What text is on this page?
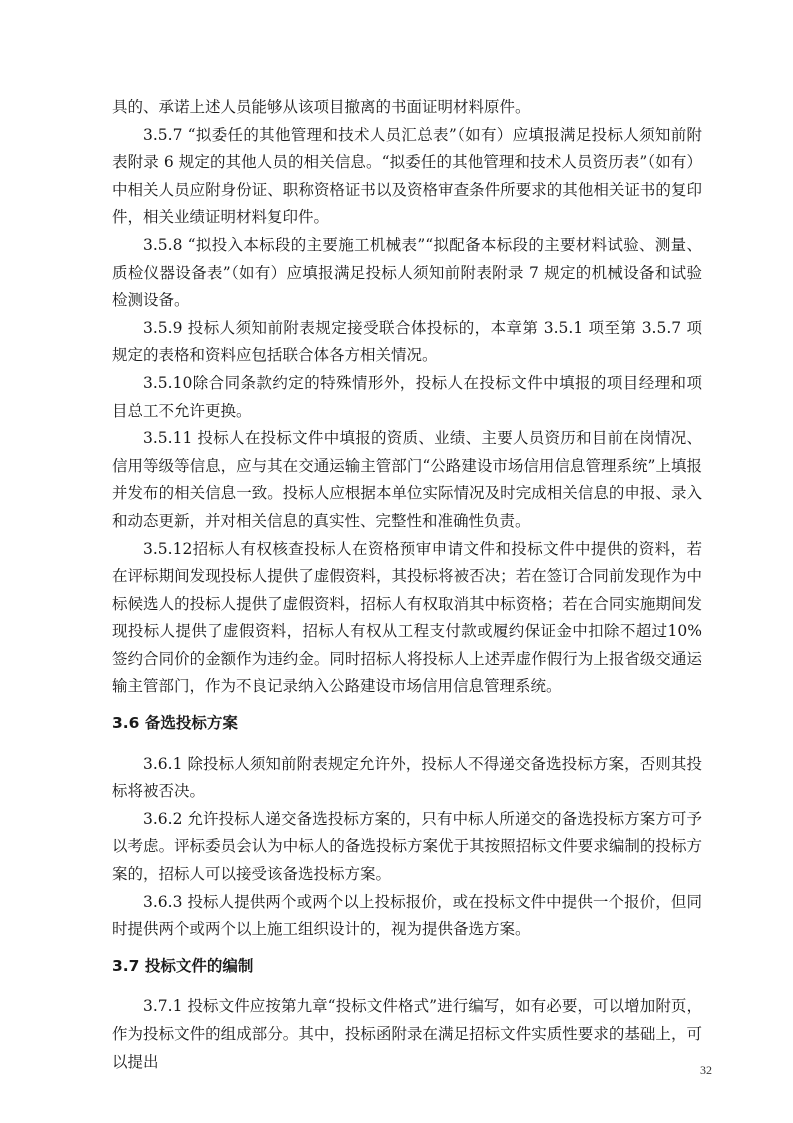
具的、承诺上述人员能够从该项目撤离的书面证明材料原件。

3.5.7 “拟委任的其他管理和技术人员汇总表”（如有）应填报满足投标人须知前附表附录 6 规定的其他人员的相关信息。“拟委任的其他管理和技术人员资历表”（如有）中相关人员应附身份证、职称资格证书以及资格审查条件所要求的其他相关证书的复印件，相关业绩证明材料复印件。

3.5.8 “拟投入本标段的主要施工机械表”“拟配备本标段的主要材料试验、测量、质检仪器设备表”（如有）应填报满足投标人须知前附表附录 7 规定的机械设备和试验检测设备。

3.5.9 投标人须知前附表规定接受联合体投标的，本章第 3.5.1 项至第 3.5.7 项规定的表格和资料应包括联合体各方相关情况。

3.5.10除合同条款约定的特殊情形外，投标人在投标文件中填报的项目经理和项目总工不允许更换。

3.5.11 投标人在投标文件中填报的资质、业绩、主要人员资历和目前在岗情况、信用等级等信息，应与其在交通运输主管部门“公路建设市场信用信息管理系统”上填报并发布的相关信息一致。投标人应根据本单位实际情况及时完成相关信息的申报、录入和动态更新，并对相关信息的真实性、完整性和准确性负责。

3.5.12招标人有权核查投标人在资格预审申请文件和投标文件中提供的资料，若在评标期间发现投标人提供了虚假资料，其投标将被否决；若在签订合同前发现作为中标候选人的投标人提供了虚假资料，招标人有权取消其中标资格；若在合同实施期间发现投标人提供了虚假资料，招标人有权从工程支付款或履约保证金中扣除不超过10%签约合同价的金额作为违约金。同时招标人将投标人上述弄虚作假行为上报省级交通运输主管部门，作为不良记录纳入公路建设市场信用信息管理系统。

3.6 备选投标方案

3.6.1 除投标人须知前附表规定允许外，投标人不得递交备选投标方案，否则其投标将被否决。

3.6.2 允许投标人递交备选投标方案的，只有中标人所递交的备选投标方案方可予以考虑。评标委员会认为中标人的备选投标方案优于其按照招标文件要求编制的投标方案的，招标人可以接受该备选投标方案。

3.6.3 投标人提供两个或两个以上投标报价，或在投标文件中提供一个报价，但同时提供两个或两个以上施工组织设计的，视为提供备选方案。

3.7 投标文件的编制

3.7.1 投标文件应按第九章“投标文件格式”进行编写，如有必要，可以增加附页，作为投标文件的组成部分。其中，投标函附录在满足招标文件实质性要求的基础上，可以提出	32
